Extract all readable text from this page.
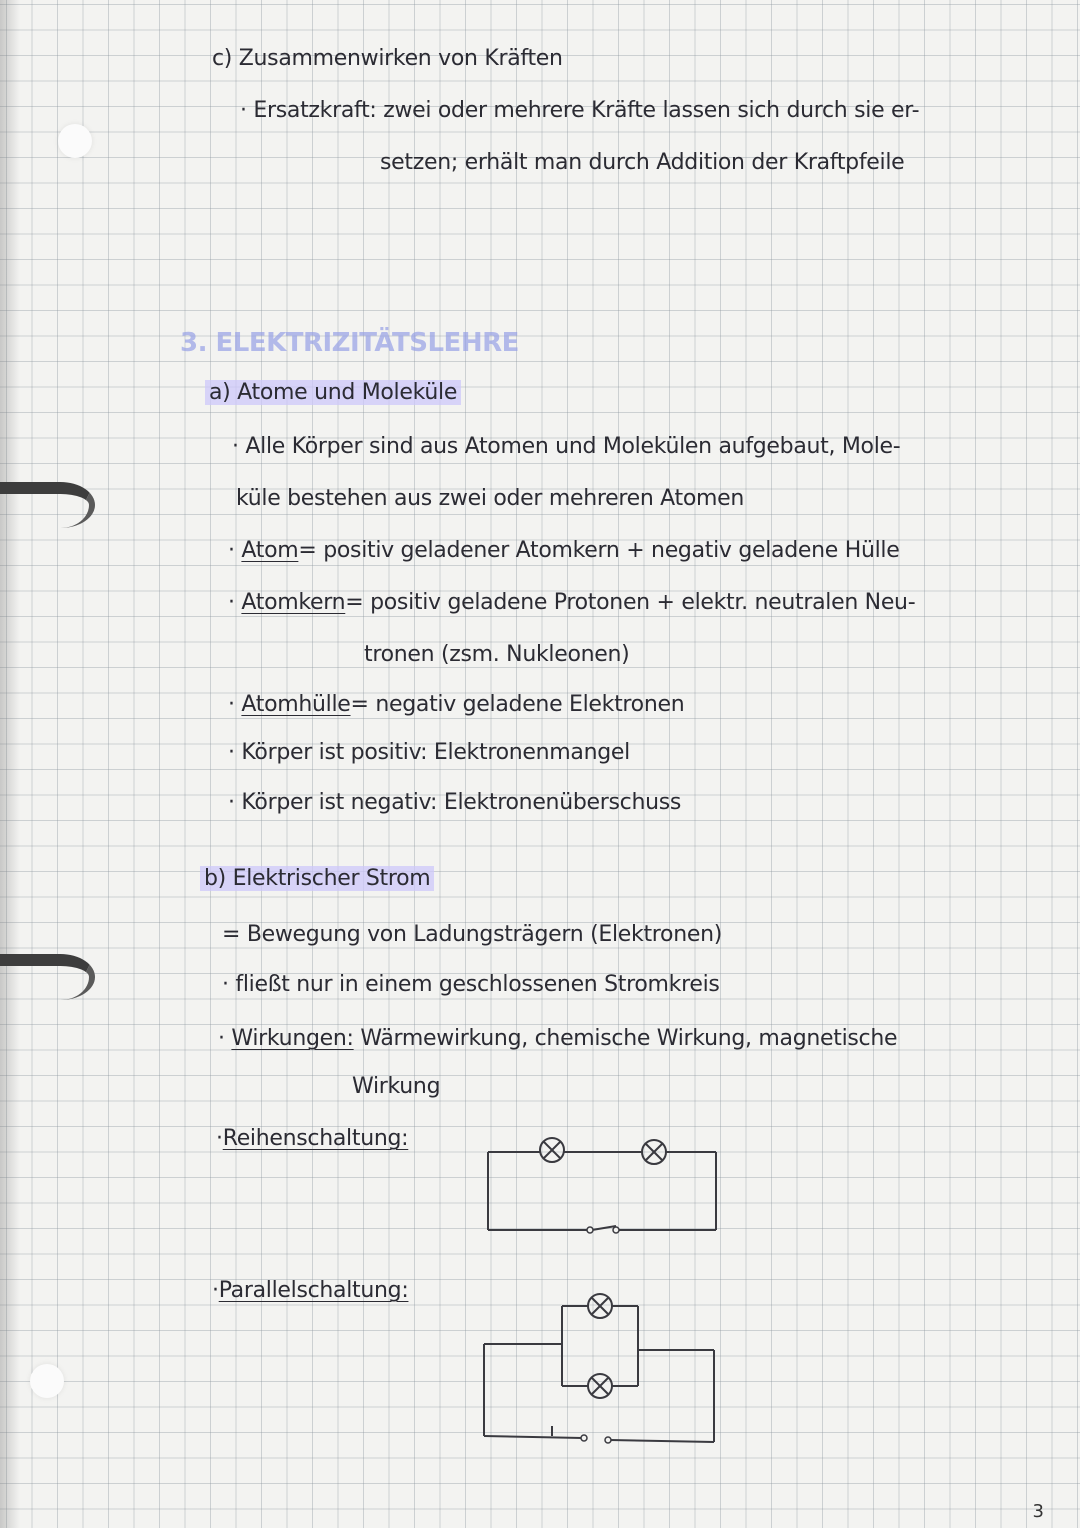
c) Zusammenwirken von Kräften
· Ersatzkraft: zwei oder mehrere Kräfte lassen sich durch sie er-
setzen; erhält man durch Addition der Kraftpfeile
3. ELEKTRIZITÄTSLEHRE
a) Atome und Moleküle
· Alle Körper sind aus Atomen und Molekülen aufgebaut, Mole-
küle bestehen aus zwei oder mehreren Atomen
· Atom= positiv geladener Atomkern + negativ geladene Hülle
· Atomkern= positiv geladene Protonen + elektr. neutralen Neu-
tronen (zsm. Nukleonen)
· Atomhülle= negativ geladene Elektronen
· Körper ist positiv: Elektronenmangel
· Körper ist negativ: Elektronenüberschuss
b) Elektrischer Strom
= Bewegung von Ladungsträgern (Elektronen)
· fließt nur in einem geschlossenen Stromkreis
· Wirkungen: Wärmewirkung, chemische Wirkung, magnetische
Wirkung
·Reihenschaltung:
·Parallelschaltung:
3
